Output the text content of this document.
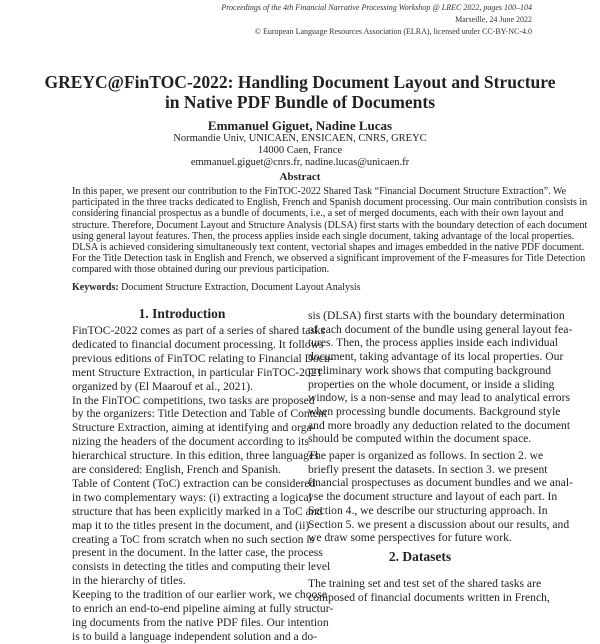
Proceedings of the 4th Financial Narrative Processing Workshop @ LREC 2022, pages 100–104
Marseille, 24 June 2022
© European Language Resources Association (ELRA), licensed under CC-BY-NC-4.0
GREYC@FinTOC-2022: Handling Document Layout and Structure
in Native PDF Bundle of Documents
Emmanuel Giguet, Nadine Lucas
Normandie Univ, UNICAEN, ENSICAEN, CNRS, GREYC
14000 Caen, France
emmanuel.giguet@cnrs.fr, nadine.lucas@unicaen.fr
Abstract
In this paper, we present our contribution to the FinTOC-2022 Shared Task “Financial Document Structure Extraction”. We
participated in the three tracks dedicated to English, French and Spanish document processing. Our main contribution consists in
considering financial prospectus as a bundle of documents, i.e., a set of merged documents, each with their own layout and
structure. Therefore, Document Layout and Structure Analysis (DLSA) first starts with the boundary detection of each document
using general layout features. Then, the process applies inside each single document, taking advantage of the local properties.
DLSA is achieved considering simultaneously text content, vectorial shapes and images embedded in the native PDF document.
For the Title Detection task in English and French, we observed a significant improvement of the F-measures for Title Detection
compared with those obtained during our previous participation.
Keywords: Document Structure Extraction, Document Layout Analysis
1. Introduction
FinTOC-2022 comes as part of a series of shared tasks
dedicated to financial document processing. It follows
previous editions of FinTOC relating to Financial Docu-
ment Structure Extraction, in particular FinTOC-2021
organized by (El Maarouf et al., 2021).
In the FinTOC competitions, two tasks are proposed
by the organizers: Title Detection and Table of Content
Structure Extraction, aiming at identifying and orga-
nizing the headers of the document according to its
hierarchical structure. In this edition, three languages
are considered: English, French and Spanish.
Table of Content (ToC) extraction can be considered
in two complementary ways: (i) extracting a logical
structure that has been explicitly marked in a ToC and
map it to the titles present in the document, and (ii)
creating a ToC from scratch when no such section is
present in the document. In the latter case, the process
consists in detecting the titles and computing their level
in the hierarchy of titles.
Keeping to the tradition of our earlier work, we choose
to enrich an end-to-end pipeline aiming at fully structur-
ing documents from the native PDF files. Our intention
is to build a language independent solution and a do-
sis (DLSA) first starts with the boundary determination
of each document of the bundle using general layout fea-
tures. Then, the process applies inside each individual
document, taking advantage of its local properties. Our
preliminary work shows that computing background
properties on the whole document, or inside a sliding
window, is a non-sense and may lead to analytical errors
when processing bundle documents. Background style
and more broadly any deduction related to the document
should be computed within the document space.
The paper is organized as follows. In section 2. we
briefly present the datasets. In section 3. we present
financial prospectuses as document bundles and we anal-
yse the document structure and layout of each part. In
Section 4., we describe our structuring approach. In
Section 5. we present a discussion about our results, and
we draw some perspectives for future work.
The training set and test set of the shared tasks are
composed of financial documents written in French,
2. Datasets
